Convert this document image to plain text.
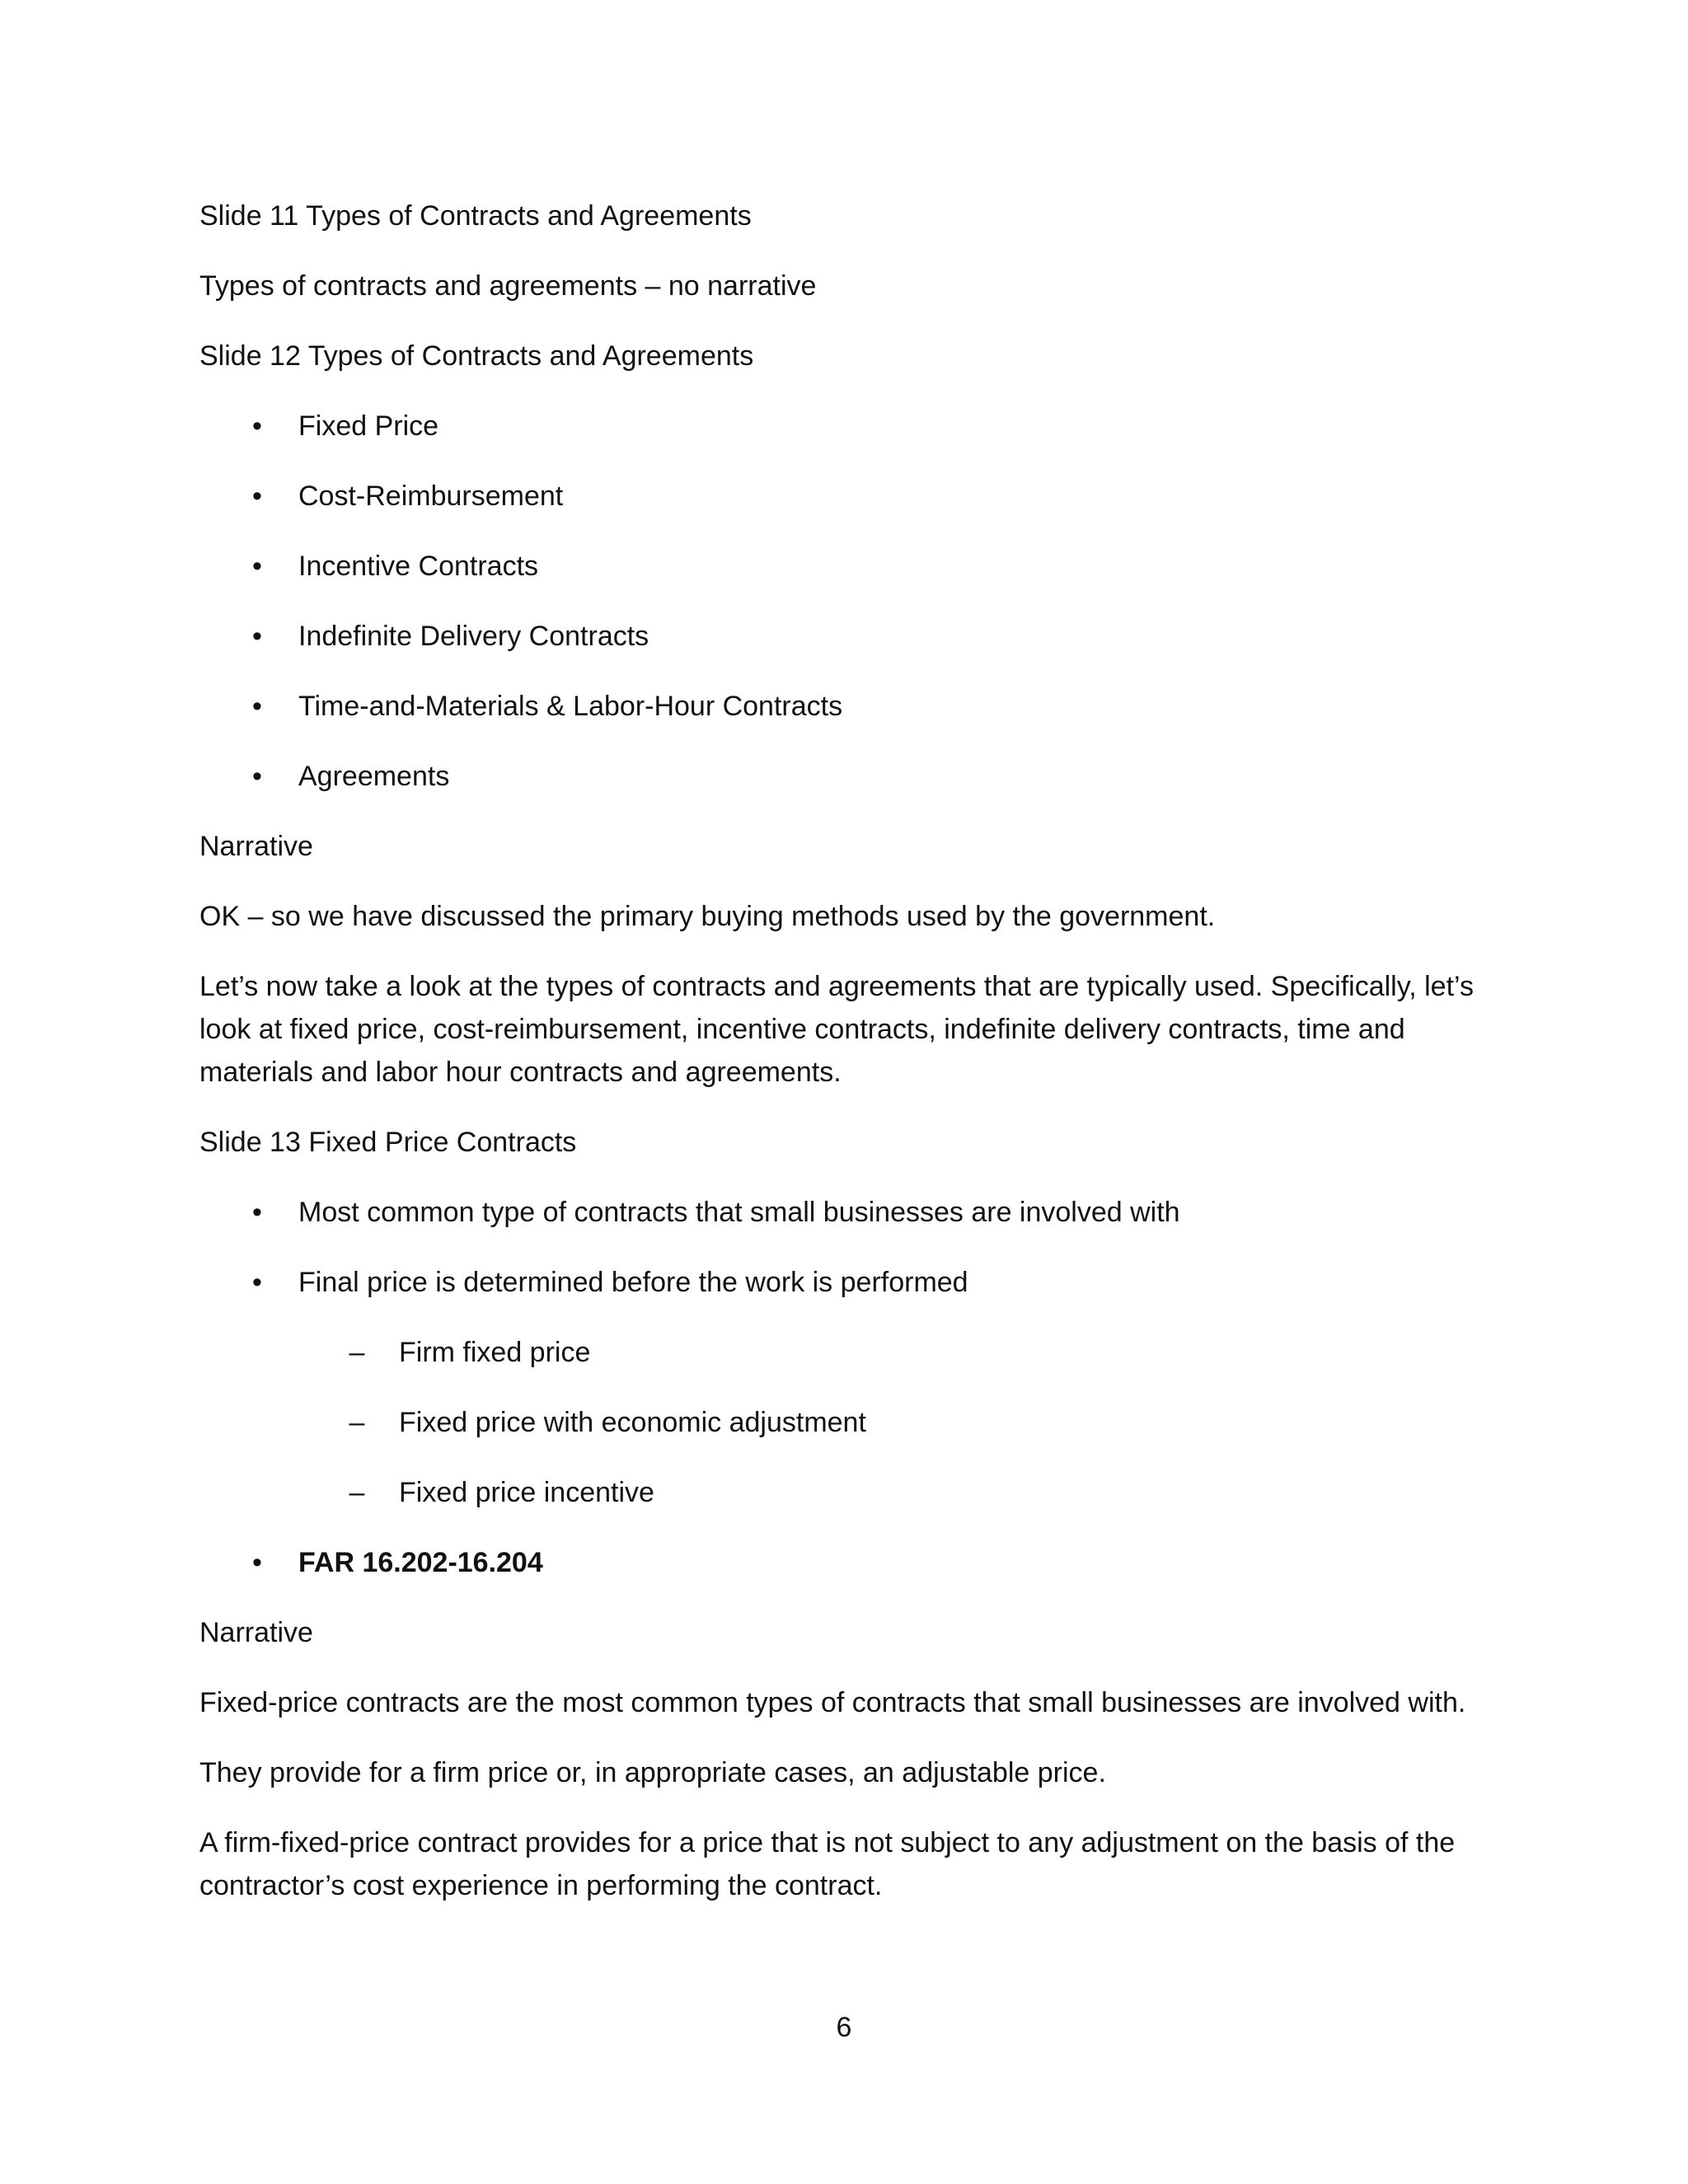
Slide 11 Types of Contracts and Agreements

Types of contracts and agreements – no narrative

Slide 12 Types of Contracts and Agreements

• Fixed Price
• Cost-Reimbursement
• Incentive Contracts
• Indefinite Delivery Contracts
• Time-and-Materials & Labor-Hour Contracts
• Agreements

Narrative

OK – so we have discussed the primary buying methods used by the government.

Let’s now take a look at the types of contracts and agreements that are typically used. Specifically, let’s look at fixed price, cost-reimbursement, incentive contracts, indefinite delivery contracts, time and materials and labor hour contracts and agreements.

Slide 13 Fixed Price Contracts

• Most common type of contracts that small businesses are involved with
• Final price is determined before the work is performed
– Firm fixed price
– Fixed price with economic adjustment
– Fixed price incentive
• FAR 16.202-16.204

Narrative

Fixed-price contracts are the most common types of contracts that small businesses are involved with.

They provide for a firm price or, in appropriate cases, an adjustable price.

A firm-fixed-price contract provides for a price that is not subject to any adjustment on the basis of the contractor’s cost experience in performing the contract.

6
